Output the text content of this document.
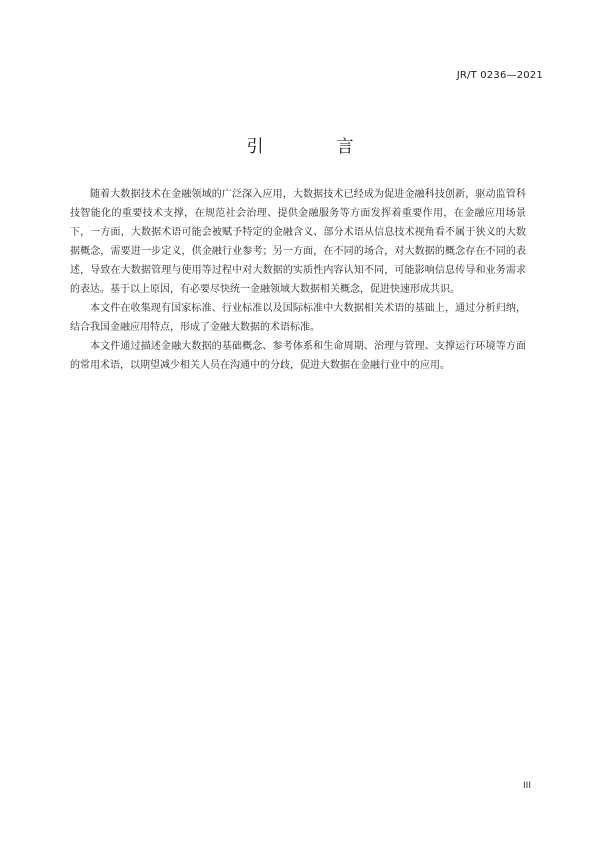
JR/T 0236—2021
引　言

随着大数据技术在金融领域的广泛深入应用，大数据技术已经成为促进金融科技创新，驱动监管科技智能化的重要技术支撑，在规范社会治理、提供金融服务等方面发挥着重要作用，在金融应用场景下，一方面，大数据术语可能会被赋予特定的金融含义、部分术语从信息技术视角看不属于狭义的大数据概念，需要进一步定义，供金融行业参考；另一方面，在不同的场合，对大数据的概念存在不同的表述，导致在大数据管理与使用等过程中对大数据的实质性内容认知不同，可能影响信息传导和业务需求的表达。基于以上原因，有必要尽快统一金融领域大数据相关概念，促进快速形成共识。

本文件在收集现有国家标准、行业标准以及国际标准中大数据相关术语的基础上，通过分析归纳，结合我国金融应用特点，形成了金融大数据的术语标准。

本文件通过描述金融大数据的基础概念、参考体系和生命周期、治理与管理、支撑运行环境等方面的常用术语，以期望减少相关人员在沟通中的分歧，促进大数据在金融行业中的应用。

III
